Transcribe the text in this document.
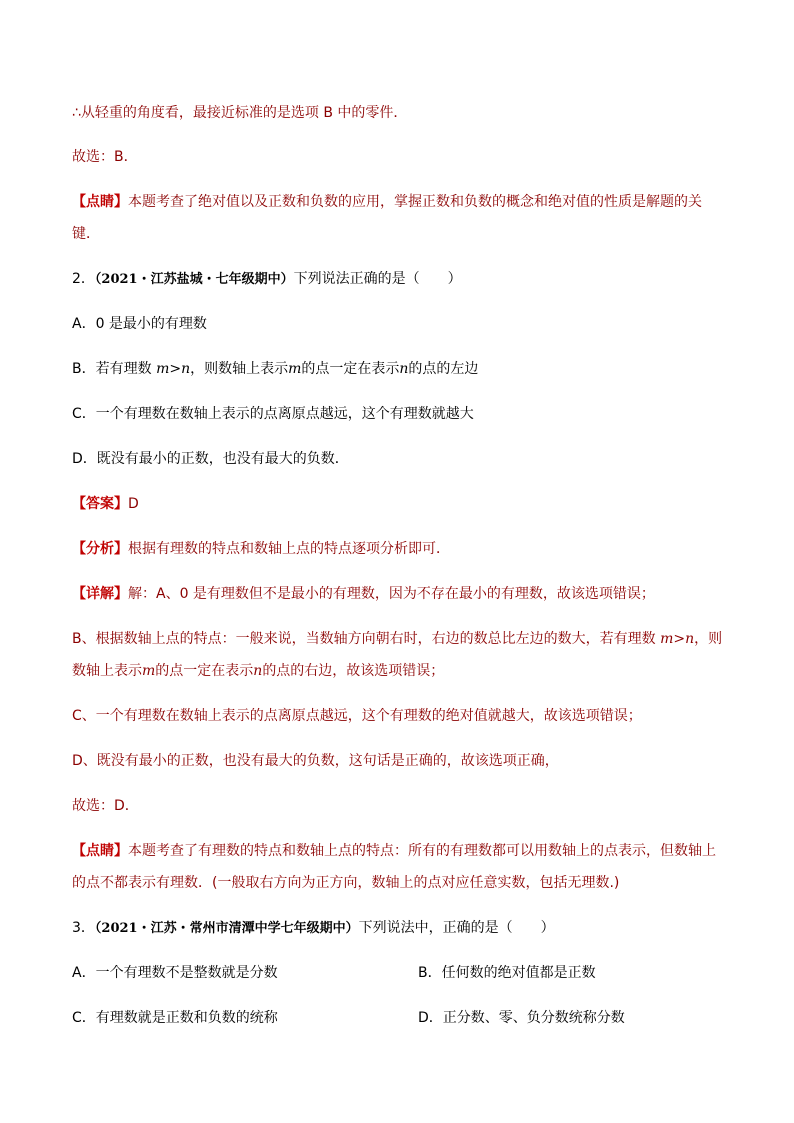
∴从轻重的角度看，最接近标准的是选项 B 中的零件．
故选：B．
【点睛】本题考查了绝对值以及正数和负数的应用，掌握正数和负数的概念和绝对值的性质是解题的关
键．
2．（2021・江苏盐城・七年级期中）下列说法正确的是（　　）
A．0 是最小的有理数
B．若有理数 m>n，则数轴上表示m的点一定在表示n的点的左边
C．一个有理数在数轴上表示的点离原点越远，这个有理数就越大
D．既没有最小的正数，也没有最大的负数．
【答案】D
【分析】根据有理数的特点和数轴上点的特点逐项分析即可．
【详解】解：A、0 是有理数但不是最小的有理数，因为不存在最小的有理数，故该选项错误；
B、根据数轴上点的特点：一般来说，当数轴方向朝右时，右边的数总比左边的数大，若有理数 m>n，则
数轴上表示m的点一定在表示n的点的右边，故该选项错误；
C、一个有理数在数轴上表示的点离原点越远，这个有理数的绝对值就越大，故该选项错误；
D、既没有最小的正数，也没有最大的负数，这句话是正确的，故该选项正确，
故选：D．
【点睛】本题考查了有理数的特点和数轴上点的特点：所有的有理数都可以用数轴上的点表示，但数轴上
的点不都表示有理数．(一般取右方向为正方向，数轴上的点对应任意实数，包括无理数.)
3．（2021・江苏・常州市清潭中学七年级期中）下列说法中，正确的是（　　）
A．一个有理数不是整数就是分数	B．任何数的绝对值都是正数
C．有理数就是正数和负数的统称	D．正分数、零、负分数统称分数
